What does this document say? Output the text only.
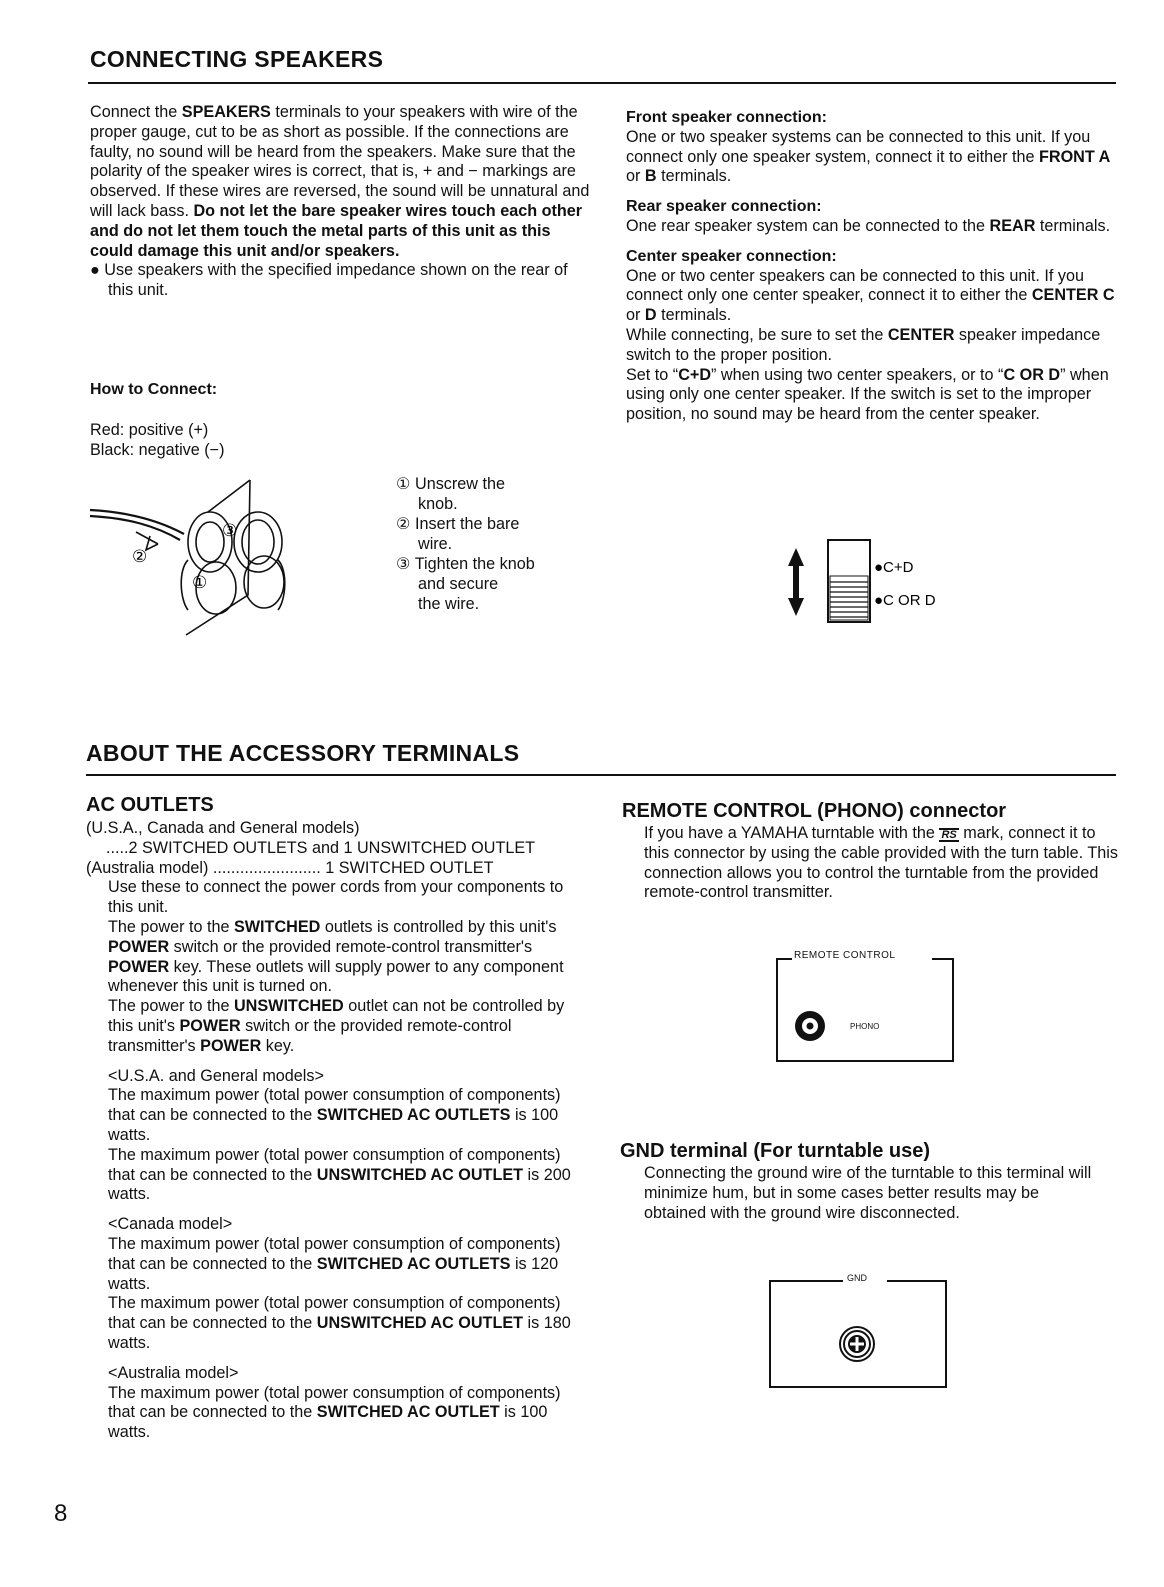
CONNECTING SPEAKERS

Connect the SPEAKERS terminals to your speakers with wire of the proper gauge, cut to be as short as possible. If the connections are faulty, no sound will be heard from the speakers. Make sure that the polarity of the speaker wires is correct, that is, + and − markings are observed. If these wires are reversed, the sound will be unnatural and will lack bass. Do not let the bare speaker wires touch each other and do not let them touch the metal parts of this unit as this could damage this unit and/or speakers.

● Use speakers with the specified impedance shown on the rear of this unit.

How to Connect:
Red: positive (+)
Black: negative (−)
③
②
①
① Unscrew the
knob.
② Insert the bare
wire.
③ Tighten the knob
and secure
the wire.

Front speaker connection:

One or two speaker systems can be connected to this unit. If you connect only one speaker system, connect it to either the FRONT A or B terminals.

Rear speaker connection:

One rear speaker system can be connected to the REAR terminals.

Center speaker connection:

One or two center speakers can be connected to this unit. If you connect only one center speaker, connect it to either the CENTER C or D terminals.

While connecting, be sure to set the CENTER speaker impedance switch to the proper position.

Set to “C+D” when using two center speakers, or to “C OR D” when using only one center speaker. If the switch is set to the improper position, no sound may be heard from the center speaker.

●C+D
●C OR D
ABOUT THE ACCESSORY TERMINALS
AC OUTLETS

(U.S.A., Canada and General models)

.....2 SWITCHED OUTLETS and 1 UNSWITCHED OUTLET

(Australia model) ........................ 1 SWITCHED OUTLET

Use these to connect the power cords from your components to this unit.

The power to the SWITCHED outlets is controlled by this unit's POWER switch or the provided remote-control transmitter's POWER key. These outlets will supply power to any component whenever this unit is turned on.

The power to the UNSWITCHED outlet can not be controlled by this unit's POWER switch or the provided remote-control transmitter's POWER key.

<U.S.A. and General models>

The maximum power (total power consumption of components) that can be connected to the SWITCHED AC OUTLETS is 100 watts.

The maximum power (total power consumption of components) that can be connected to the UNSWITCHED AC OUTLET is 200 watts.

<Canada model>

The maximum power (total power consumption of components) that can be connected to the SWITCHED AC OUTLETS is 120 watts.

The maximum power (total power consumption of components) that can be connected to the UNSWITCHED AC OUTLET is 180 watts.

<Australia model>

The maximum power (total power consumption of components) that can be connected to the SWITCHED AC OUTLET is 100 watts.

REMOTE CONTROL (PHONO) connector

If you have a YAMAHA turntable with the RS mark, connect it to this connector by using the cable provided with the turn table. This connection allows you to control the turntable from the provided remote-control transmitter.

REMOTE CONTROL
PHONO
GND terminal (For turntable use)
Connecting the ground wire of the turntable to this terminal will minimize hum, but in some cases better results may be obtained with the ground wire disconnected.
GND
8
